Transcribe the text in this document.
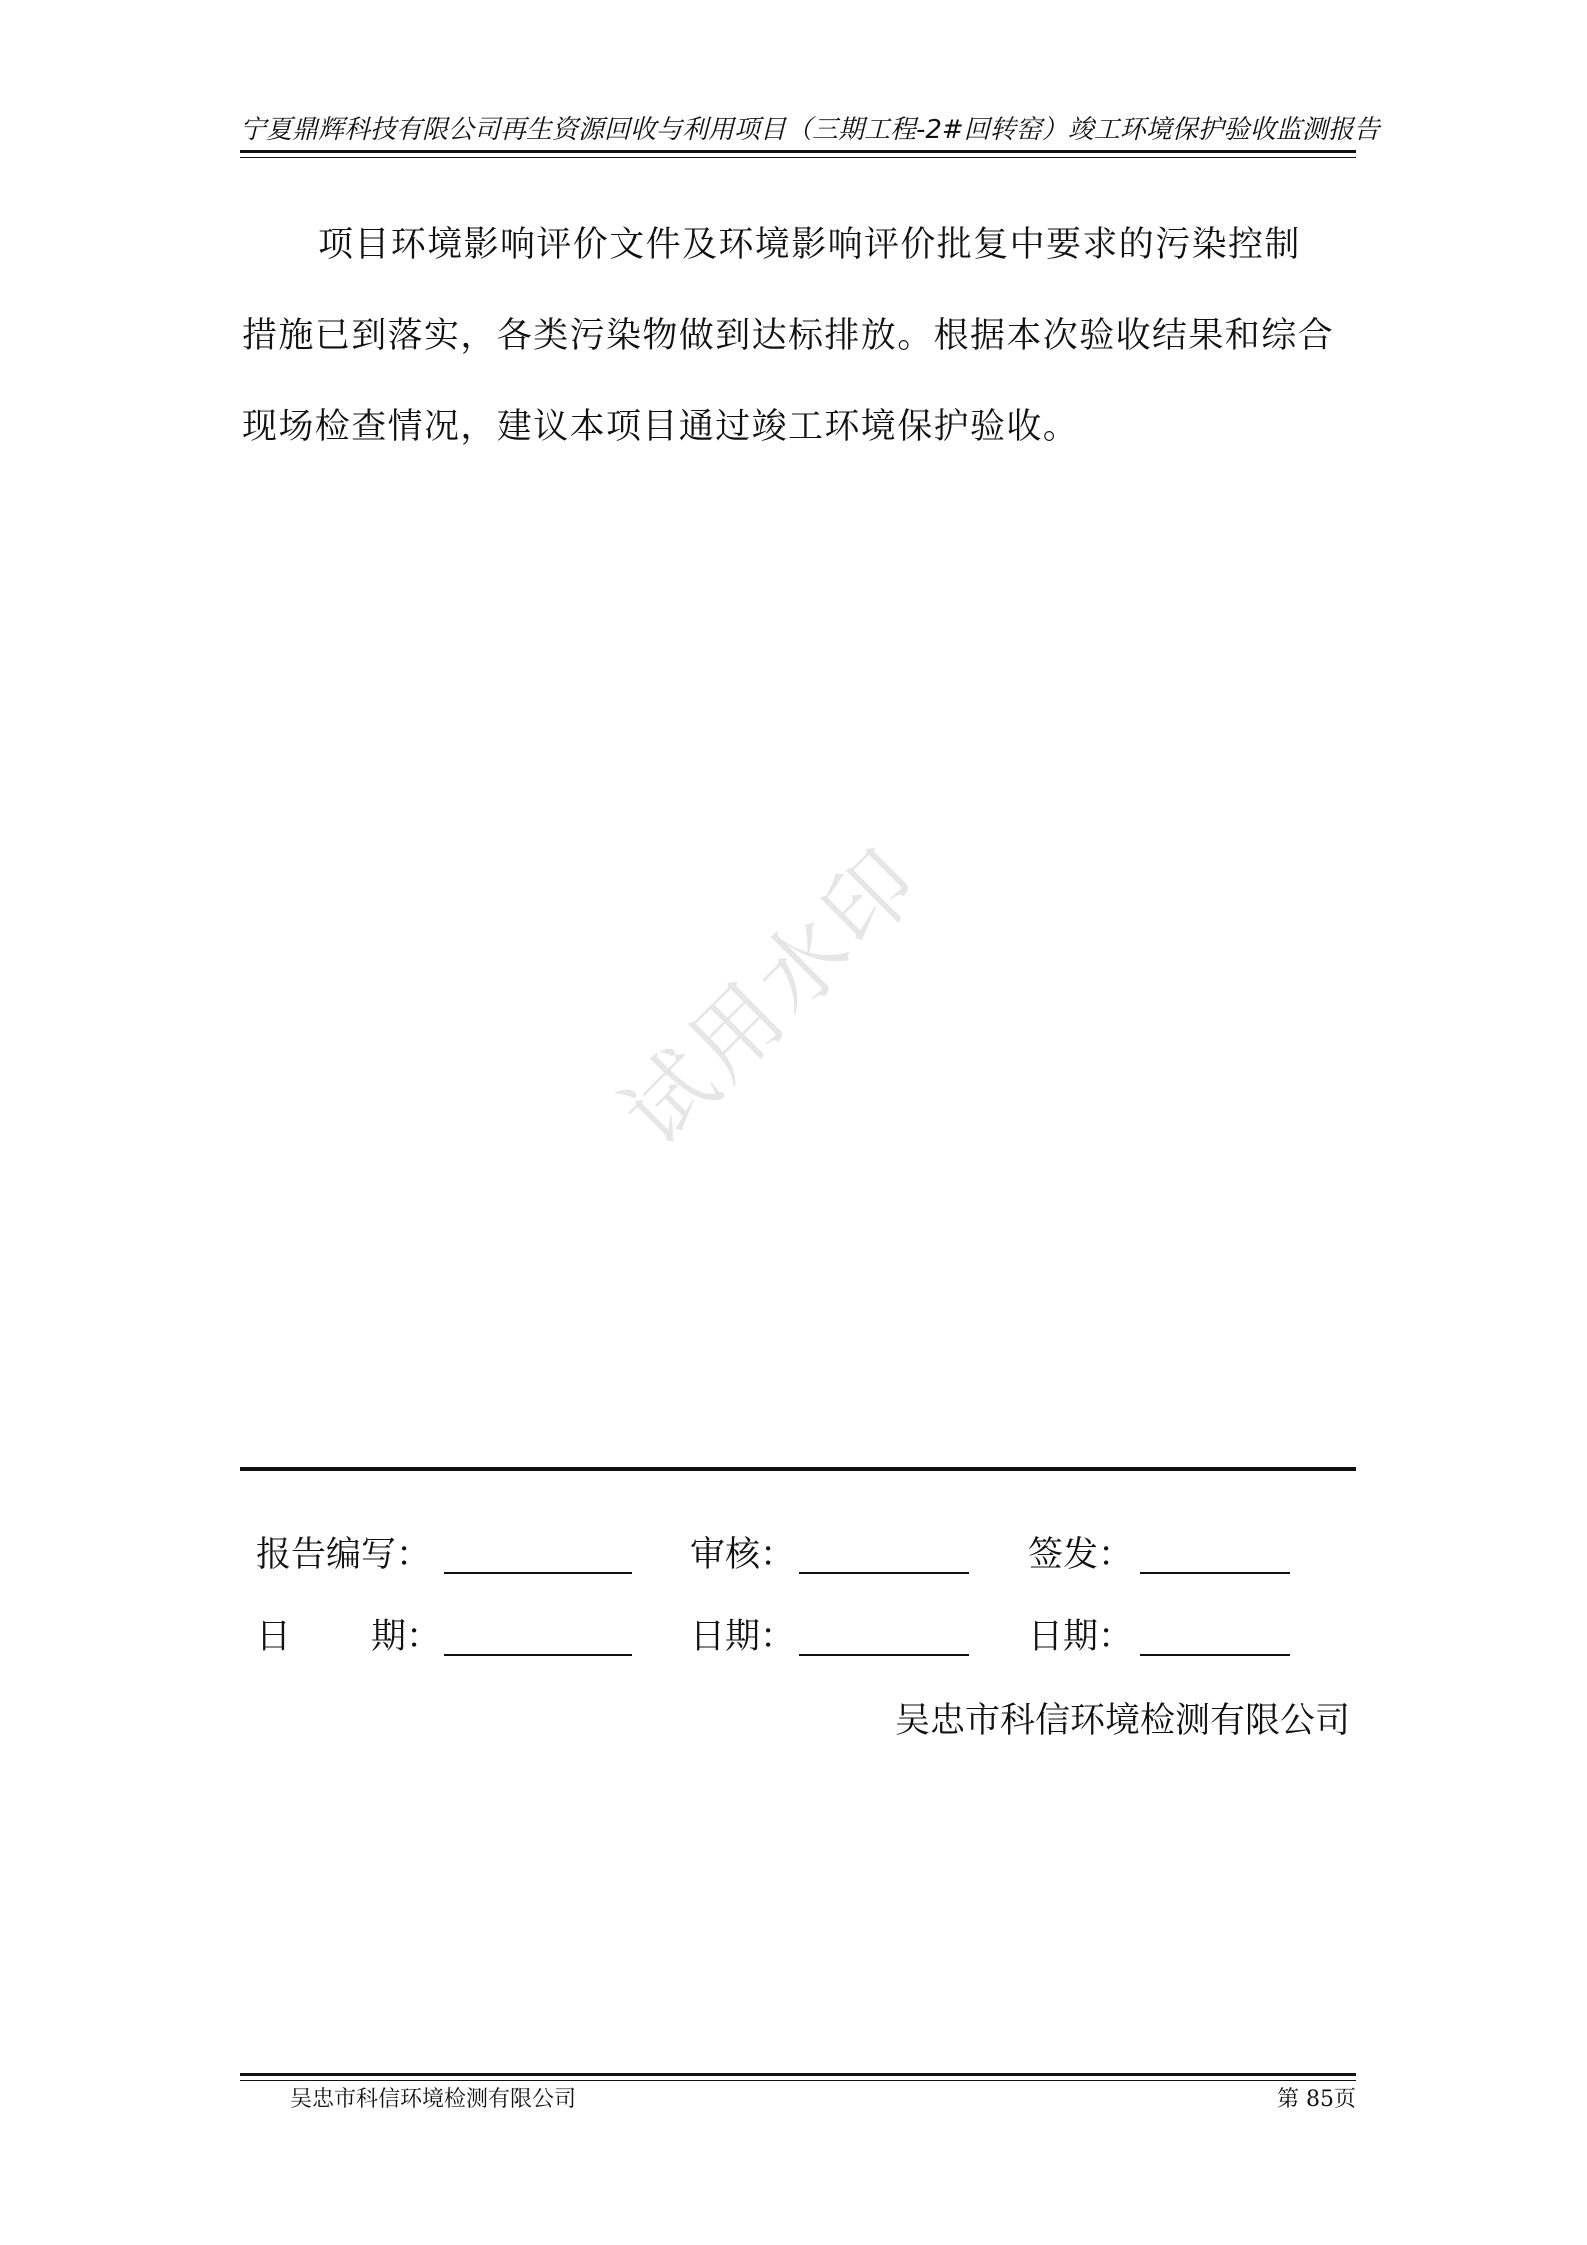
宁夏鼎辉科技有限公司再生资源回收与利用项目（三期工程-2#回转窑）竣工环境保护验收监测报告

项目环境影响评价文件及环境影响评价批复中要求的污染控制
措施已到落实，各类污染物做到达标排放。根据本次验收结果和综合
现场检查情况，建议本项目通过竣工环境保护验收。

试用水印
报告编写：	审核：	签发：
日 期：	日期：	日期：
吴忠市科信环境检测有限公司
吴忠市科信环境检测有限公司	第 85页
